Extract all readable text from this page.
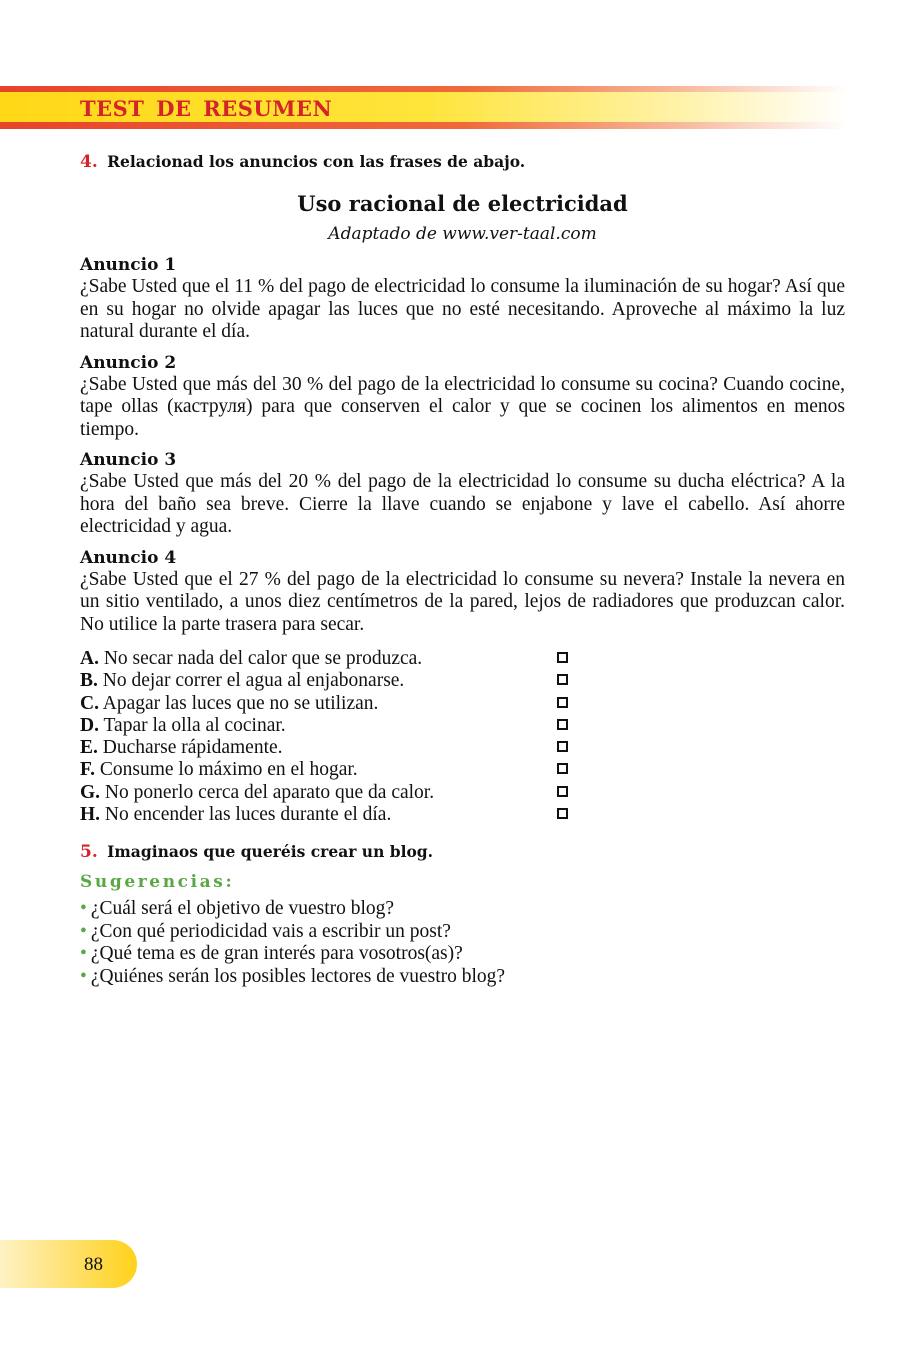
TEST DE RESUMEN

4. Relacionad los anuncios con las frases de abajo.

Uso racional de electricidad

Adaptado de www.ver-taal.com

Anuncio 1

¿Sabe Usted que el 11 % del pago de electricidad lo consume la iluminación de su hogar? Así que en su hogar no olvide apagar las luces que no esté necesitando. Aproveche al máximo la luz natural durante el día.

Anuncio 2

¿Sabe Usted que más del 30 % del pago de la electricidad lo consume su cocina? Cuando cocine, tape ollas (каструля) para que conserven el calor y que se cocinen los alimentos en menos tiempo.

Anuncio 3

¿Sabe Usted que más del 20 % del pago de la electricidad lo consume su ducha eléctrica? A la hora del baño sea breve. Cierre la llave cuando se enjabone y lave el cabello. Así ahorre electricidad y agua.

Anuncio 4

¿Sabe Usted que el 27 % del pago de la electricidad lo consume su nevera? Instale la nevera en un sitio ventilado, a unos diez centímetros de la pared, lejos de radiadores que produzcan calor. No utilice la parte trasera para secar.

A. No secar nada del calor que se produzca.
B. No dejar correr el agua al enjabonarse.
C. Apagar las luces que no se utilizan.
D. Tapar la olla al cocinar.
E. Ducharse rápidamente.
F. Consume lo máximo en el hogar.
G. No ponerlo cerca del aparato que da calor.
H. No encender las luces durante el día.

5. Imaginaos que queréis crear un blog.

Sugerencias:

• ¿Cuál será el objetivo de vuestro blog?
• ¿Con qué periodicidad vais a escribir un post?
• ¿Qué tema es de gran interés para vosotros(as)?
• ¿Quiénes serán los posibles lectores de vuestro blog?
88
